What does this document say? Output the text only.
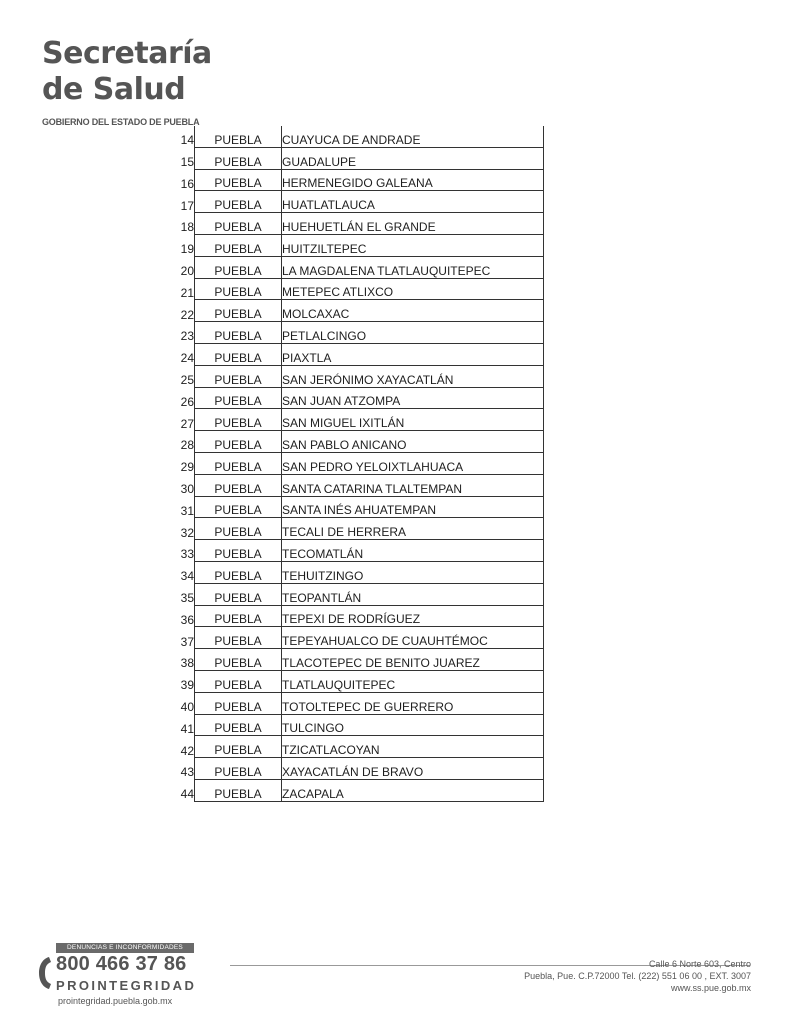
Secretaría
de Salud
GOBIERNO DEL ESTADO DE PUEBLA
14	PUEBLA	CUAYUCA DE ANDRADE
15	PUEBLA	GUADALUPE
16	PUEBLA	HERMENEGIDO GALEANA
17	PUEBLA	HUATLATLAUCA
18	PUEBLA	HUEHUETLÁN EL GRANDE
19	PUEBLA	HUITZILTEPEC
20	PUEBLA	LA MAGDALENA TLATLAUQUITEPEC
21	PUEBLA	METEPEC ATLIXCO
22	PUEBLA	MOLCAXAC
23	PUEBLA	PETLALCINGO
24	PUEBLA	PIAXTLA
25	PUEBLA	SAN JERÓNIMO XAYACATLÁN
26	PUEBLA	SAN JUAN ATZOMPA
27	PUEBLA	SAN MIGUEL IXITLÁN
28	PUEBLA	SAN PABLO ANICANO
29	PUEBLA	SAN PEDRO YELOIXTLAHUACA
30	PUEBLA	SANTA CATARINA TLALTEMPAN
31	PUEBLA	SANTA INÉS AHUATEMPAN
32	PUEBLA	TECALI DE HERRERA
33	PUEBLA	TECOMATLÁN
34	PUEBLA	TEHUITZINGO
35	PUEBLA	TEOPANTLÁN
36	PUEBLA	TEPEXI DE RODRÍGUEZ
37	PUEBLA	TEPEYAHUALCO DE CUAUHTÉMOC
38	PUEBLA	TLACOTEPEC DE BENITO JUAREZ
39	PUEBLA	TLATLAUQUITEPEC
40	PUEBLA	TOTOLTEPEC DE GUERRERO
41	PUEBLA	TULCINGO
42	PUEBLA	TZICATLACOYAN
43	PUEBLA	XAYACATLÁN DE BRAVO
44	PUEBLA	ZACAPALA
DENUNCIAS E INCONFORMIDADES
800 466 37 86
PROINTEGRIDAD
prointegridad.puebla.gob.mx
Calle 6 Norte 603, Centro
Puebla, Pue. C.P.72000 Tel. (222) 551 06 00 , EXT. 3007
www.ss.pue.gob.mx
